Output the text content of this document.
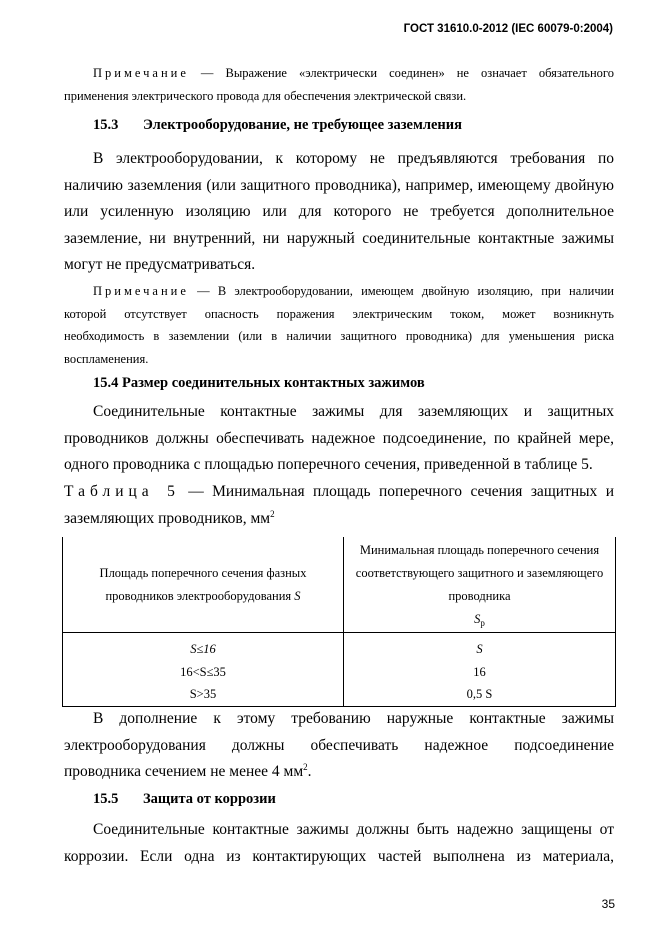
ГОСТ 31610.0-2012 (IEC 60079-0:2004)
Примечание — Выражение «электрически соединен» не означает обязательного
применения электрического провода для обеспечения электрической связи.
15.3 Электрооборудование, не требующее заземления
В электрооборудовании, к которому не предъявляются требования по
наличию заземления (или защитного проводника), например, имеющему двойную
или усиленную изоляцию или для которого не требуется дополнительное
заземление, ни внутренний, ни наружный соединительные контактные зажимы
могут не предусматриваться.
Примечание — В электрооборудовании, имеющем двойную изоляцию, при наличии
которой отсутствует опасность поражения электрическим током, может возникнуть
необходимость в заземлении (или в наличии защитного проводника) для уменьшения риска
воспламенения.
15.4 Размер соединительных контактных зажимов
Соединительные контактные зажимы для заземляющих и защитных
проводников должны обеспечивать надежное подсоединение, по крайней мере,
одного проводника с площадью поперечного сечения, приведенной в таблице 5.
Таблица 5 — Минимальная площадь поперечного сечения защитных и
заземляющих проводников, $мм^2$
Площадь поперечного сечения фазных
проводников электрооборудования S	Минимальная площадь поперечного сечения
соответствующего защитного и заземляющего
проводника
$S_p$

S≤16	S
16<S≤35	16
S>35	0,5 S
В дополнение к этому требованию наружные контактные зажимы
электрооборудования должны обеспечивать надежное подсоединение
проводника сечением не менее 4 $мм^2$.
15.5 Защита от коррозии
Соединительные контактные зажимы должны быть надежно защищены от
коррозии. Если одна из контактирующих частей выполнена из материала,
35
